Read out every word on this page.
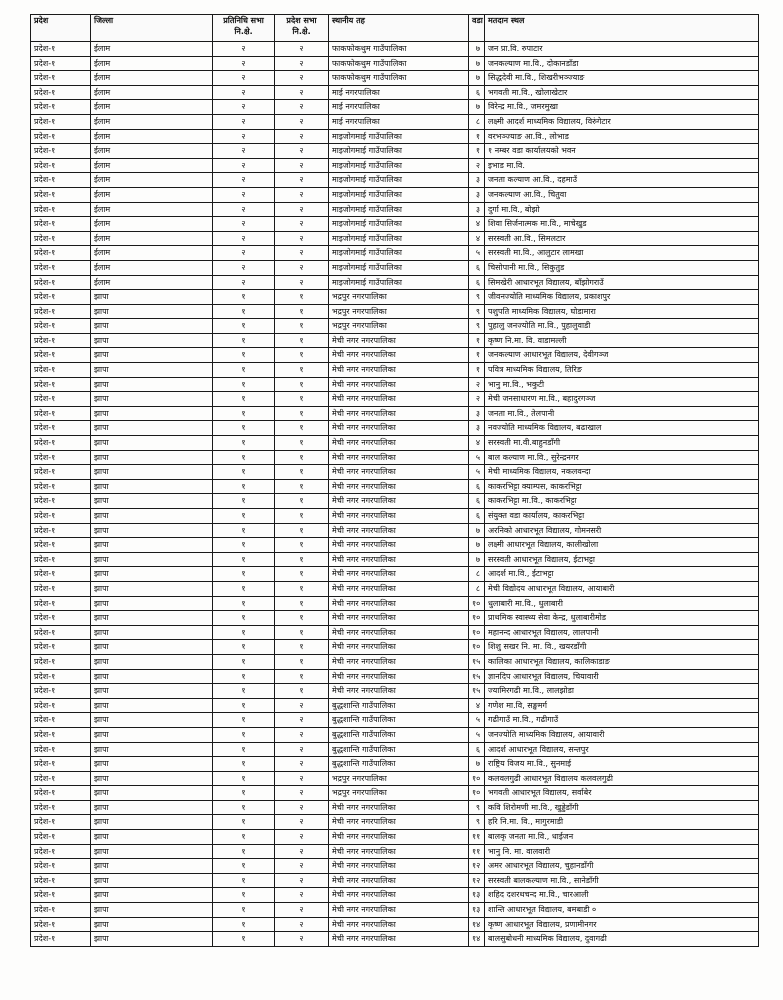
प्रदेश	जिल्ला	प्रतिनिधि सभा नि.क्षे.	प्रदेश सभा नि.क्षे.	स्थानीय तह	वडा	मतदान स्थल
प्रदेश-१	ईलाम	२	२	फाकफोकथुम गाउँपालिका	७	जन प्रा.वि. रुपाटार
प्रदेश-१	ईलाम	२	२	फाकफोकथुम गाउँपालिका	७	जनकल्याण मा.वि., दोकानडाँडा
प्रदेश-१	ईलाम	२	२	फाकफोकथुम गाउँपालिका	७	सिद्धदेवी मा.वि., शिखरीभञ्ज्याङ
प्रदेश-१	ईलाम	२	२	माई नगरपालिका	६	भगवती मा.वि., खोलाखेटार
प्रदेश-१	ईलाम	२	२	माई नगरपालिका	७	विरेन्द्र मा.वि., जमरमुखा
प्रदेश-१	ईलाम	२	२	माई नगरपालिका	८	लक्ष्मी आदर्श माध्यमिक विद्यालय, विरुंगेटार
प्रदेश-१	ईलाम	२	२	माइजोगमाई गाउँपालिका	१	वरभञ्ज्याङ आ.वि., लोभाड
प्रदेश-१	ईलाम	२	२	माइजोगमाई गाउँपालिका	१	१ नम्बर वडा कार्यालयको भवन
प्रदेश-१	ईलाम	२	२	माइजोगमाई गाउँपालिका	२	इभाड मा.वि.
प्रदेश-१	ईलाम	२	२	माइजोगमाई गाउँपालिका	३	जनता कल्याण आ.वि., दहमाउँ
प्रदेश-१	ईलाम	२	२	माइजोगमाई गाउँपालिका	३	जनकल्याण आ.वि., चितुवा
प्रदेश-१	ईलाम	२	२	माइजोगमाई गाउँपालिका	३	दुर्गा मा.वि., बोझो
प्रदेश-१	ईलाम	२	२	माइजोगमाई गाउँपालिका	४	शिवा सिर्जनात्मक मा.वि., माचेखुड
प्रदेश-१	ईलाम	२	२	माइजोगमाई गाउँपालिका	४	सरस्वती आ.वि., सिमलटार
प्रदेश-१	ईलाम	२	२	माइजोगमाई गाउँपालिका	५	सरस्वती मा.वि., आलुटार लामखा
प्रदेश-१	ईलाम	२	२	माइजोगमाई गाउँपालिका	६	चिसोपानी मा.वि., सिकुतुड
प्रदेश-१	ईलाम	२	२	माइजोगमाई गाउँपालिका	६	सिमखेरी आधारभूत विद्यालय, बाँझोगराउँ
प्रदेश-१	झापा	१	१	भद्रपुर नगरपालिका	९	जीवनज्योति माध्यमिक विद्यालय, प्रकाशपुर
प्रदेश-१	झापा	१	१	भद्रपुर नगरपालिका	९	पशुपति माध्यमिक विद्यालय, घोडामारा
प्रदेश-१	झापा	१	१	भद्रपुर नगरपालिका	९	पुहालु जनज्योति मा.वि., पुहालुवाडी
प्रदेश-१	झापा	१	१	मेची नगर नगरपालिका	१	कृष्ण नि.मा. वि. वाडामल्ली
प्रदेश-१	झापा	१	१	मेची नगर नगरपालिका	१	जनकल्याण आधारभूत विद्यालय, देवीगञ्ज
प्रदेश-१	झापा	१	१	मेची नगर नगरपालिका	१	पवित्र माध्यमिक विद्यालय, तिरिङ
प्रदेश-१	झापा	१	१	मेची नगर नगरपालिका	२	भानु मा.वि., भकुटी
प्रदेश-१	झापा	१	१	मेची नगर नगरपालिका	२	मेची जनसाधारण मा.वि., बहादुरगञ्ज
प्रदेश-१	झापा	१	१	मेची नगर नगरपालिका	३	जनता मा.वि., तेलपानी
प्रदेश-१	झापा	१	१	मेची नगर नगरपालिका	३	नवज्योति माध्यमिक विद्यालय, बढाखाल
प्रदेश-१	झापा	१	१	मेची नगर नगरपालिका	४	सरस्वती मा.वी.बाहुनडाँगी
प्रदेश-१	झापा	१	१	मेची नगर नगरपालिका	५	बाल कल्याण मा.वि., सुरेन्द्रनगर
प्रदेश-१	झापा	१	१	मेची नगर नगरपालिका	५	मेची माध्यमिक विद्यालय, नकलवन्दा
प्रदेश-१	झापा	१	१	मेची नगर नगरपालिका	६	काकरभिट्टा क्याम्पस, काकरभिट्टा
प्रदेश-१	झापा	१	१	मेची नगर नगरपालिका	६	काकरभिट्टा मा.वि., काकरभिट्टा
प्रदेश-१	झापा	१	१	मेची नगर नगरपालिका	६	संयुक्त वडा कार्यालय, काकरभिट्टा
प्रदेश-१	झापा	१	१	मेची नगर नगरपालिका	७	अरनिको आधारभूत विद्यालय, गोमनसरी
प्रदेश-१	झापा	१	१	मेची नगर नगरपालिका	७	लक्ष्मी आधारभूत विद्यालय, कालीखोला
प्रदेश-१	झापा	१	१	मेची नगर नगरपालिका	७	सरस्वती आधारभूत विद्यालय, ईटाभट्टा
प्रदेश-१	झापा	१	१	मेची नगर नगरपालिका	८	आदर्श मा.वि., ईटाभट्टा
प्रदेश-१	झापा	१	१	मेची नगर नगरपालिका	८	मेची विद्योदय आधारभूत विद्यालय, आयाबारी
प्रदेश-१	झापा	१	१	मेची नगर नगरपालिका	१०	धुलाबारी मा.वि., धुलाबारी
प्रदेश-१	झापा	१	१	मेची नगर नगरपालिका	१०	प्राथमिक स्वास्थ्य सेवा केन्द्र, धुलाबारीमोड
प्रदेश-१	झापा	१	१	मेची नगर नगरपालिका	१०	महानन्द आधारभूत विद्यालय, लालपानी
प्रदेश-१	झापा	१	१	मेची नगर नगरपालिका	१०	शिशु सखर नि. मा. वि., खयरडाँगी
प्रदेश-१	झापा	१	१	मेची नगर नगरपालिका	१५	कालिका आधारभूत विद्यालय, कालिकाडाङ
प्रदेश-१	झापा	१	१	मेची नगर नगरपालिका	१५	ज्ञानदिप आधारभूत विद्यालय, चियावारी
प्रदेश-१	झापा	१	१	मेची नगर नगरपालिका	१५	ज्यामिरगढी मा.वि., लालझोडा
प्रदेश-१	झापा	१	२	बुद्धशान्ति गाउँपालिका	४	गणेश मा.वि, सङ्खमर्ग
प्रदेश-१	झापा	१	२	बुद्धशान्ति गाउँपालिका	५	गढीगाउँ मा.वि., गढीगाउँ
प्रदेश-१	झापा	१	२	बुद्धशान्ति गाउँपालिका	५	जनज्योति माध्यमिक विद्यालय, आयावारी
प्रदेश-१	झापा	१	२	बुद्धशान्ति गाउँपालिका	६	आदर्श आधारभूत विद्यालय, सन्तपुर
प्रदेश-१	झापा	१	२	बुद्धशान्ति गाउँपालिका	७	राष्ट्रिय विजय मा.वि., सुनमाई
प्रदेश-१	झापा	१	२	भद्रपुर नगरपालिका	१०	कलवलगुढी आधारभूत विद्यालय कलवलगुढी
प्रदेश-१	झापा	१	२	भद्रपुर नगरपालिका	१०	भगवती आधारभूत विद्यालय, सर्वाबेर
प्रदेश-१	झापा	१	२	मेची नगर नगरपालिका	९	कवि शिरोमणी मा.वि., खुड्डेडाँगी
प्रदेश-१	झापा	१	२	मेची नगर नगरपालिका	९	हरि नि.मा. वि., मागुरमाडी
प्रदेश-१	झापा	१	२	मेची नगर नगरपालिका	११	बालकृ जनता मा.वि., धाईजन
प्रदेश-१	झापा	१	२	मेची नगर नगरपालिका	११	भानु नि. मा. वालवारी
प्रदेश-१	झापा	१	२	मेची नगर नगरपालिका	१२	अमर आधारभूत विद्यालय, चुहानडाँगी
प्रदेश-१	झापा	१	२	मेची नगर नगरपालिका	१२	सरस्वती बालकल्याण मा.वि., सानेडाँगी
प्रदेश-१	झापा	१	२	मेची नगर नगरपालिका	१३	शहिद दशरथचन्द मा.वि., चारआली
प्रदेश-१	झापा	१	२	मेची नगर नगरपालिका	१३	शान्ति आधारभूत विद्यालय, बमबाडी ०
प्रदेश-१	झापा	१	२	मेची नगर नगरपालिका	१४	कृष्ण आधारभूत विद्यालय, प्रणामीनगर
प्रदेश-१	झापा	१	२	मेची नगर नगरपालिका	१४	बालसुबोधनी माध्यमिक विद्यालय, दुवागढी
